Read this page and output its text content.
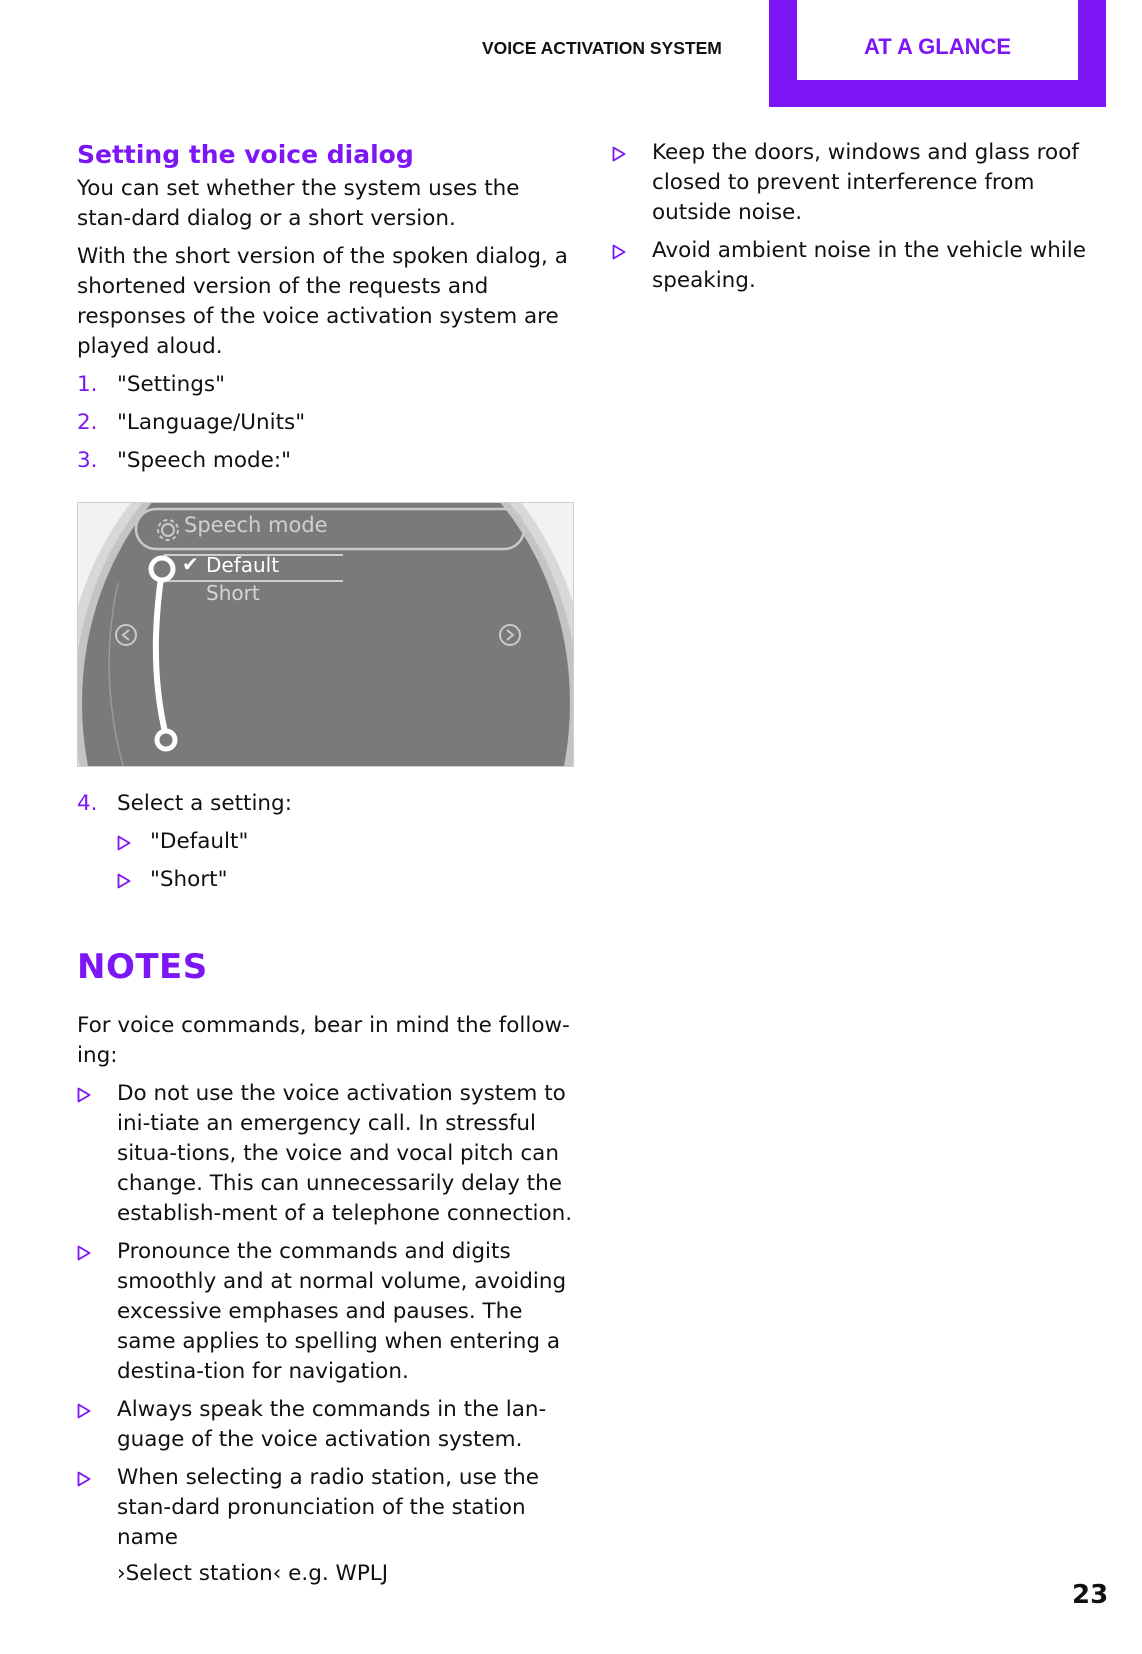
VOICE ACTIVATION SYSTEM	AT A GLANCE
Setting the voice dialog

You can set whether the system uses the stan-dard dialog or a short version.

With the short version of the spoken dialog, a shortened version of the requests and responses of the voice activation system are played aloud.

1. "Settings"
2. "Language/Units"
3. "Speech mode:"
Speech mode
✔ Default
Short
4. Select a setting:
"Default"
"Short"
NOTES

For voice commands, bear in mind the follow-ing:

Do not use the voice activation system to ini-tiate an emergency call. In stressful situa-tions, the voice and vocal pitch can change. This can unnecessarily delay the establish-ment of a telephone connection.
Pronounce the commands and digits smoothly and at normal volume, avoiding excessive emphases and pauses. The same applies to spelling when entering a destina-tion for navigation.
Always speak the commands in the lan-guage of the voice activation system.
When selecting a radio station, use the stan-dard pronunciation of the station name
›Select station‹ e.g. WPLJ
Keep the doors, windows and glass roof closed to prevent interference from outside noise.
Avoid ambient noise in the vehicle while speaking.
23
